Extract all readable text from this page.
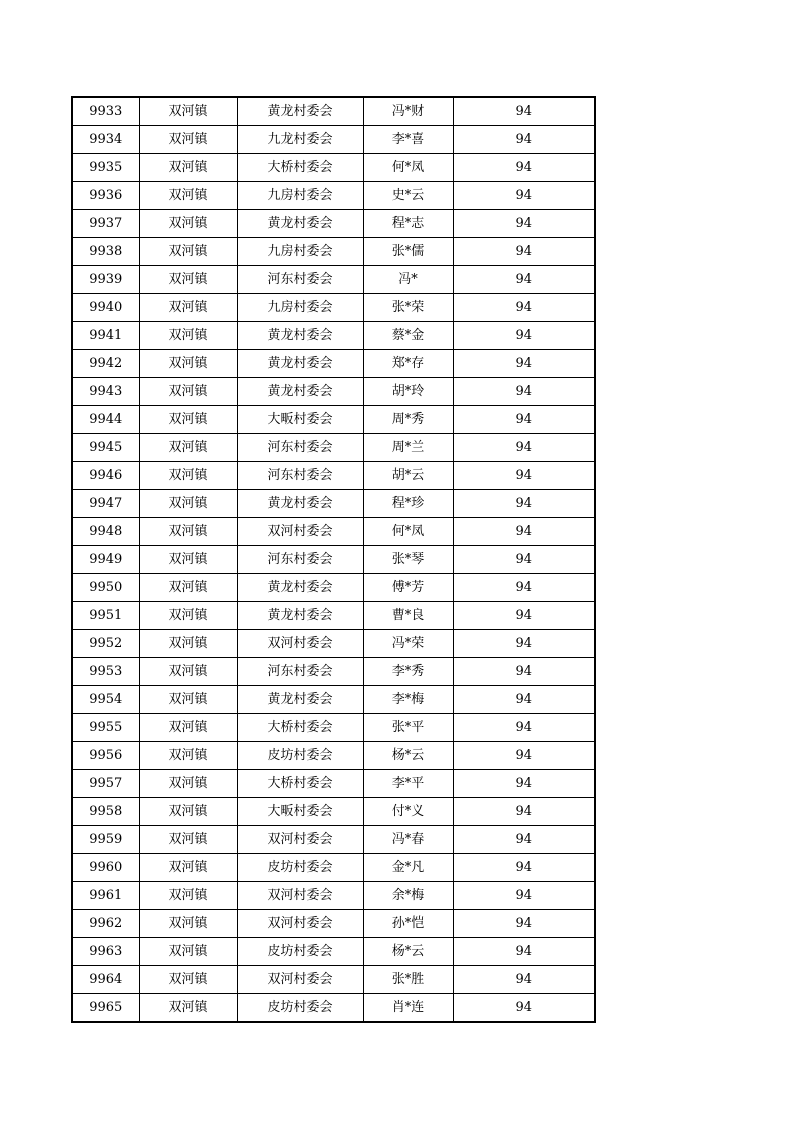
9933	双河镇	黄龙村委会	冯*财	94
9934	双河镇	九龙村委会	李*喜	94
9935	双河镇	大桥村委会	何*凤	94
9936	双河镇	九房村委会	史*云	94
9937	双河镇	黄龙村委会	程*志	94
9938	双河镇	九房村委会	张*儒	94
9939	双河镇	河东村委会	冯*	94
9940	双河镇	九房村委会	张*荣	94
9941	双河镇	黄龙村委会	蔡*金	94
9942	双河镇	黄龙村委会	郑*存	94
9943	双河镇	黄龙村委会	胡*玲	94
9944	双河镇	大畈村委会	周*秀	94
9945	双河镇	河东村委会	周*兰	94
9946	双河镇	河东村委会	胡*云	94
9947	双河镇	黄龙村委会	程*珍	94
9948	双河镇	双河村委会	何*凤	94
9949	双河镇	河东村委会	张*琴	94
9950	双河镇	黄龙村委会	傅*芳	94
9951	双河镇	黄龙村委会	曹*良	94
9952	双河镇	双河村委会	冯*荣	94
9953	双河镇	河东村委会	李*秀	94
9954	双河镇	黄龙村委会	李*梅	94
9955	双河镇	大桥村委会	张*平	94
9956	双河镇	皮坊村委会	杨*云	94
9957	双河镇	大桥村委会	李*平	94
9958	双河镇	大畈村委会	付*义	94
9959	双河镇	双河村委会	冯*春	94
9960	双河镇	皮坊村委会	金*凡	94
9961	双河镇	双河村委会	余*梅	94
9962	双河镇	双河村委会	孙*恺	94
9963	双河镇	皮坊村委会	杨*云	94
9964	双河镇	双河村委会	张*胜	94
9965	双河镇	皮坊村委会	肖*连	94
